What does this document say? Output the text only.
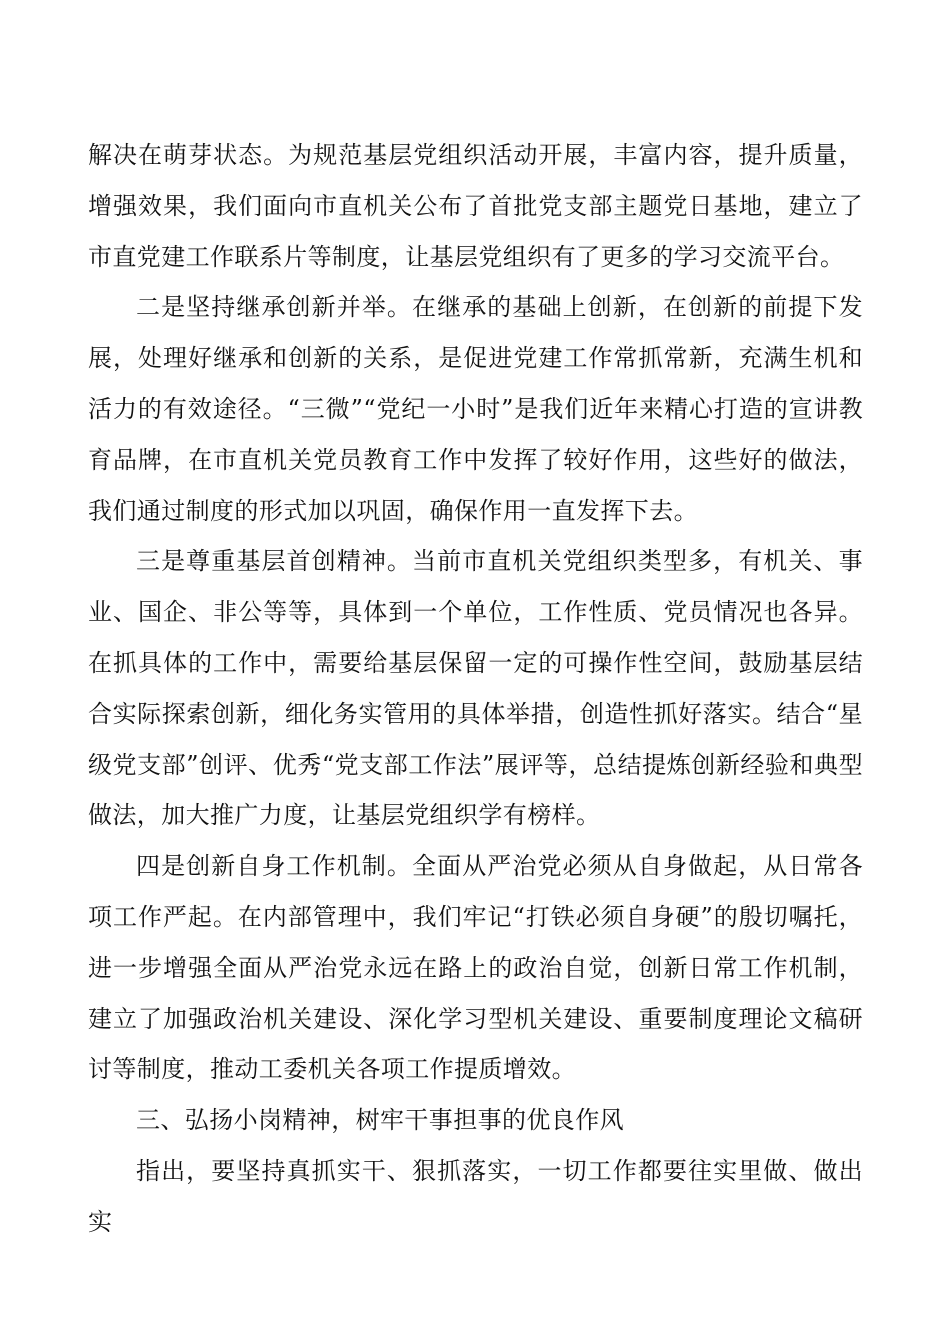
解决在萌芽状态。为规范基层党组织活动开展，丰富内容，提升质量，增强效果，我们面向市直机关公布了首批党支部主题党日基地，建立了市直党建工作联系片等制度，让基层党组织有了更多的学习交流平台。

二是坚持继承创新并举。在继承的基础上创新，在创新的前提下发展，处理好继承和创新的关系，是促进党建工作常抓常新，充满生机和活力的有效途径。“三微”“党纪一小时”是我们近年来精心打造的宣讲教育品牌，在市直机关党员教育工作中发挥了较好作用，这些好的做法，我们通过制度的形式加以巩固，确保作用一直发挥下去。

三是尊重基层首创精神。当前市直机关党组织类型多，有机关、事业、国企、非公等等，具体到一个单位，工作性质、党员情况也各异。在抓具体的工作中，需要给基层保留一定的可操作性空间，鼓励基层结合实际探索创新，细化务实管用的具体举措，创造性抓好落实。结合“星级党支部”创评、优秀“党支部工作法”展评等，总结提炼创新经验和典型做法，加大推广力度，让基层党组织学有榜样。

四是创新自身工作机制。全面从严治党必须从自身做起，从日常各项工作严起。在内部管理中，我们牢记“打铁必须自身硬”的殷切嘱托，进一步增强全面从严治党永远在路上的政治自觉，创新日常工作机制，建立了加强政治机关建设、深化学习型机关建设、重要制度理论文稿研讨等制度，推动工委机关各项工作提质增效。

三、弘扬小岗精神，树牢干事担事的优良作风

指出，要坚持真抓实干、狠抓落实，一切工作都要往实里做、做出实
